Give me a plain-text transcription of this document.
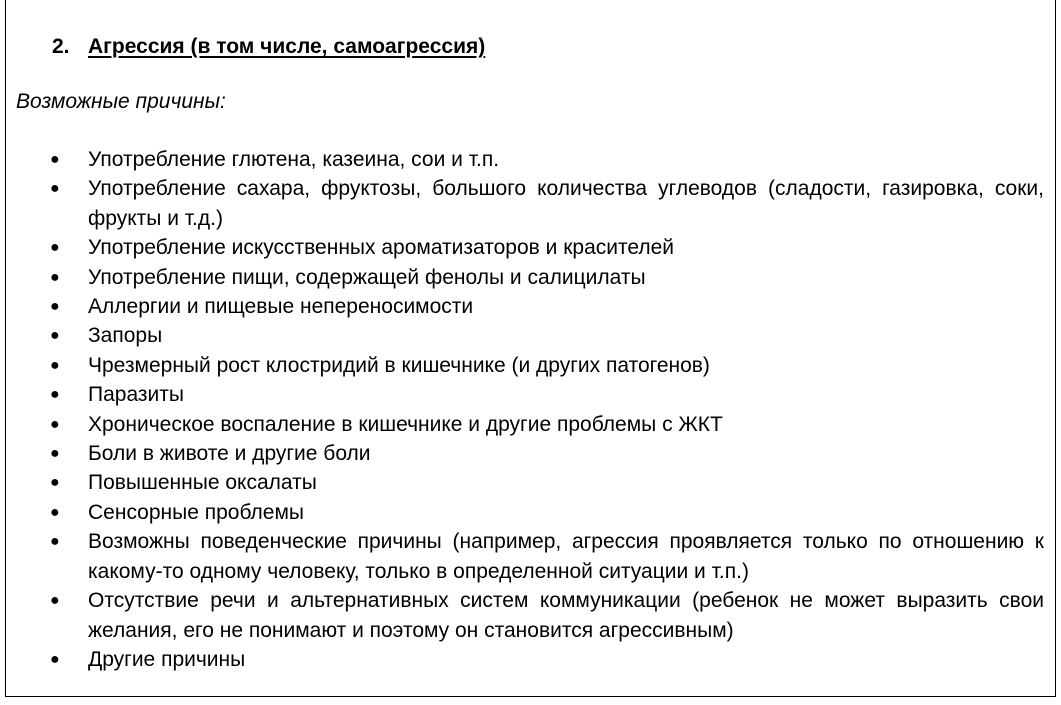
2. Агрессия (в том числе, самоагрессия)
Возможные причины:
● Употребление глютена, казеина, сои и т.п.
● Употребление сахара, фруктозы, большого количества углеводов (сладости, газировка, соки, фрукты и т.д.)
● Употребление искусственных ароматизаторов и красителей
● Употребление пищи, содержащей фенолы и салицилаты
● Аллергии и пищевые непереносимости
● Запоры
● Чрезмерный рост клостридий в кишечнике (и других патогенов)
● Паразиты
● Хроническое воспаление в кишечнике и другие проблемы с ЖКТ
● Боли в животе и другие боли
● Повышенные оксалаты
● Сенсорные проблемы
● Возможны поведенческие причины (например, агрессия проявляется только по отношению к какому-то одному человеку, только в определенной ситуации и т.п.)
● Отсутствие речи и альтернативных систем коммуникации (ребенок не может выразить свои желания, его не понимают и поэтому он становится агрессивным)
● Другие причины
